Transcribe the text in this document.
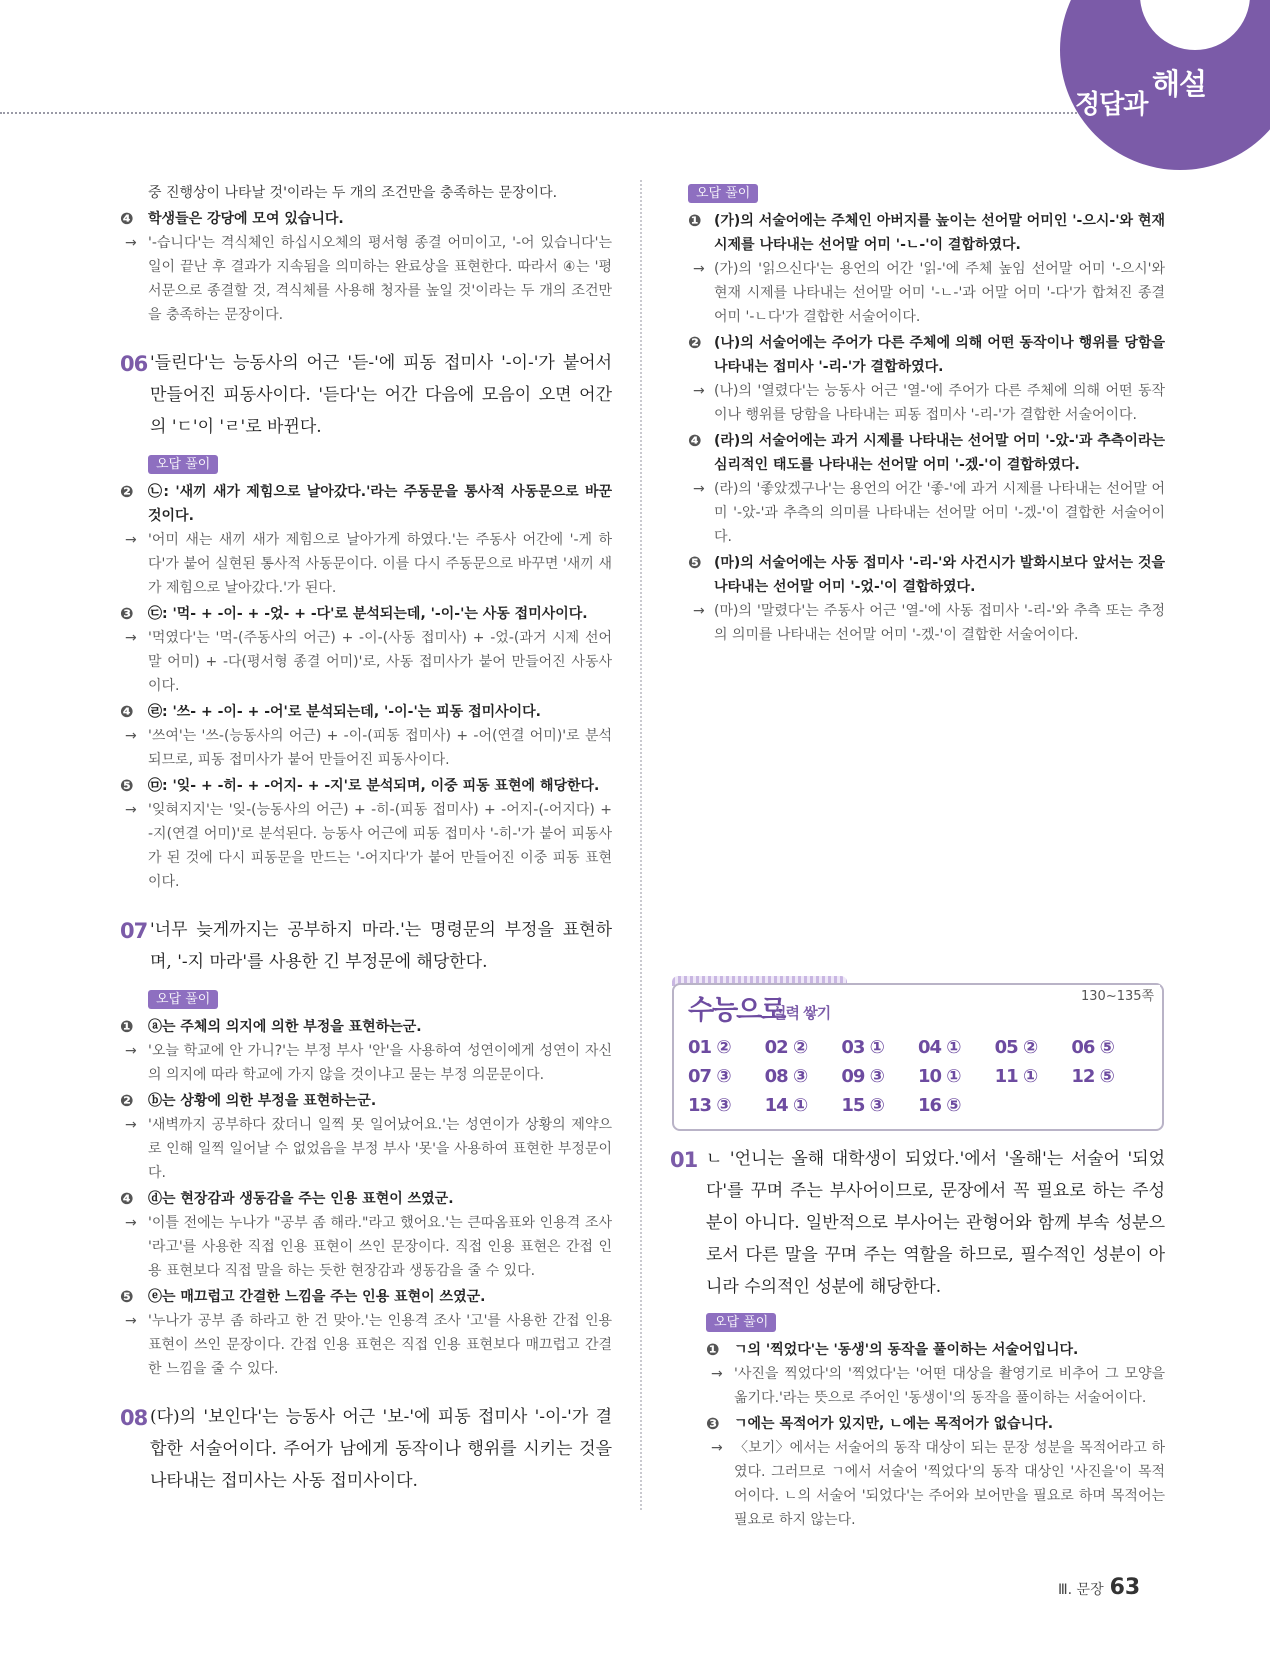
정답과
해설
중 진행상이 나타날 것'이라는 두 개의 조건만을 충족하는 문장이다.
❹	학생들은 강당에 모여 있습니다.
→ '-습니다'는 격식체인 하십시오체의 평서형 종결 어미이고, '-어 있습니다'는 일이 끝난 후 결과가 지속됨을 의미하는 완료상을 표현한다. 따라서 ④는 '평서문으로 종결할 것, 격식체를 사용해 청자를 높일 것'이라는 두 개의 조건만을 충족하는 문장이다.
06 '들린다'는 능동사의 어근 '듣-'에 피동 접미사 '-이-'가 붙어서 만들어진 피동사이다. '듣다'는 어간 다음에 모음이 오면 어간의 'ㄷ'이 'ㄹ'로 바뀐다.
오답 풀이
❷	㉡: '새끼 새가 제힘으로 날아갔다.'라는 주동문을 통사적 사동문으로 바꾼 것이다.
→ '어미 새는 새끼 새가 제힘으로 날아가게 하였다.'는 주동사 어간에 '-게 하다'가 붙어 실현된 통사적 사동문이다. 이를 다시 주동문으로 바꾸면 '새끼 새가 제힘으로 날아갔다.'가 된다.
❸	㉢: '먹- + -이- + -었- + -다'로 분석되는데, '-이-'는 사동 접미사이다.
→ '먹였다'는 '먹-(주동사의 어근) + -이-(사동 접미사) + -었-(과거 시제 선어말 어미) + -다(평서형 종결 어미)'로, 사동 접미사가 붙어 만들어진 사동사이다.
❹	㉣: '쓰- + -이- + -어'로 분석되는데, '-이-'는 피동 접미사이다.
→ '쓰여'는 '쓰-(능동사의 어근) + -이-(피동 접미사) + -어(연결 어미)'로 분석되므로, 피동 접미사가 붙어 만들어진 피동사이다.
❺	㉤: '잊- + -히- + -어지- + -지'로 분석되며, 이중 피동 표현에 해당한다.
→ '잊혀지지'는 '잊-(능동사의 어근) + -히-(피동 접미사) + -어지-(-어지다) + -지(연결 어미)'로 분석된다. 능동사 어근에 피동 접미사 '-히-'가 붙어 피동사가 된 것에 다시 피동문을 만드는 '-어지다'가 붙어 만들어진 이중 피동 표현이다.
07 '너무 늦게까지는 공부하지 마라.'는 명령문의 부정을 표현하며, '-지 마라'를 사용한 긴 부정문에 해당한다.
오답 풀이
❶	ⓐ는 주체의 의지에 의한 부정을 표현하는군.
→ '오늘 학교에 안 가니?'는 부정 부사 '안'을 사용하여 성연이에게 성연이 자신의 의지에 따라 학교에 가지 않을 것이냐고 묻는 부정 의문문이다.
❷	ⓑ는 상황에 의한 부정을 표현하는군.
→ '새벽까지 공부하다 잤더니 일찍 못 일어났어요.'는 성연이가 상황의 제약으로 인해 일찍 일어날 수 없었음을 부정 부사 '못'을 사용하여 표현한 부정문이다.
❹	ⓓ는 현장감과 생동감을 주는 인용 표현이 쓰였군.
→ '이틀 전에는 누나가 "공부 좀 해라."라고 했어요.'는 큰따옴표와 인용격 조사 '라고'를 사용한 직접 인용 표현이 쓰인 문장이다. 직접 인용 표현은 간접 인용 표현보다 직접 말을 하는 듯한 현장감과 생동감을 줄 수 있다.
❺	ⓔ는 매끄럽고 간결한 느낌을 주는 인용 표현이 쓰였군.
→ '누나가 공부 좀 하라고 한 건 맞아.'는 인용격 조사 '고'를 사용한 간접 인용 표현이 쓰인 문장이다. 간접 인용 표현은 직접 인용 표현보다 매끄럽고 간결한 느낌을 줄 수 있다.
08 (다)의 '보인다'는 능동사 어근 '보-'에 피동 접미사 '-이-'가 결합한 서술어이다. 주어가 남에게 동작이나 행위를 시키는 것을 나타내는 접미사는 사동 접미사이다.
오답 풀이
❶ (가)의 서술어에는 주체인 아버지를 높이는 선어말 어미인 '-으시-'와 현재 시제를 나타내는 선어말 어미 '-ㄴ-'이 결합하였다.
→ (가)의 '읽으신다'는 용언의 어간 '읽-'에 주체 높임 선어말 어미 '-으시'와 현재 시제를 나타내는 선어말 어미 '-ㄴ-'과 어말 어미 '-다'가 합쳐진 종결 어미 '-ㄴ다'가 결합한 서술어이다.
❷ (나)의 서술어에는 주어가 다른 주체에 의해 어떤 동작이나 행위를 당함을 나타내는 접미사 '-리-'가 결합하였다.
→ (나)의 '열렸다'는 능동사 어근 '열-'에 주어가 다른 주체에 의해 어떤 동작이나 행위를 당함을 나타내는 피동 접미사 '-리-'가 결합한 서술어이다.
❹ (라)의 서술어에는 과거 시제를 나타내는 선어말 어미 '-았-'과 추측이라는 심리적인 태도를 나타내는 선어말 어미 '-겠-'이 결합하였다.
→ (라)의 '좋았겠구나'는 용언의 어간 '좋-'에 과거 시제를 나타내는 선어말 어미 '-았-'과 추측의 의미를 나타내는 선어말 어미 '-겠-'이 결합한 서술어이다.
❺ (마)의 서술어에는 사동 접미사 '-리-'와 사건시가 발화시보다 앞서는 것을 나타내는 선어말 어미 '-었-'이 결합하였다.
→ (마)의 '말렸다'는 주동사 어근 '열-'에 사동 접미사 '-리-'와 추측 또는 추정의 의미를 나타내는 선어말 어미 '-겠-'이 결합한 서술어이다.
수능으로
실력 쌓기
130~135쪽
01 ②	02 ②	03 ①	04 ①	05 ②	06 ⑤
07 ③	08 ③	09 ③	10 ①	11 ①	12 ⑤
13 ③	14 ①	15 ③	16 ⑤
01 ㄴ '언니는 올해 대학생이 되었다.'에서 '올해'는 서술어 '되었다'를 꾸며 주는 부사어이므로, 문장에서 꼭 필요로 하는 주성분이 아니다. 일반적으로 부사어는 관형어와 함께 부속 성분으로서 다른 말을 꾸며 주는 역할을 하므로, 필수적인 성분이 아니라 수의적인 성분에 해당한다.
오답 풀이
❶	ㄱ의 '찍었다'는 '동생'의 동작을 풀이하는 서술어입니다.
→ '사진을 찍었다'의 '찍었다'는 '어떤 대상을 촬영기로 비추어 그 모양을 옮기다.'라는 뜻으로 주어인 '동생이'의 동작을 풀이하는 서술어이다.
❸	ㄱ에는 목적어가 있지만, ㄴ에는 목적어가 없습니다.
→ 〈보기〉에서는 서술어의 동작 대상이 되는 문장 성분을 목적어라고 하였다. 그러므로 ㄱ에서 서술어 '찍었다'의 동작 대상인 '사진을'이 목적어이다. ㄴ의 서술어 '되었다'는 주어와 보어만을 필요로 하며 목적어는 필요로 하지 않는다.
Ⅲ. 문장 63
